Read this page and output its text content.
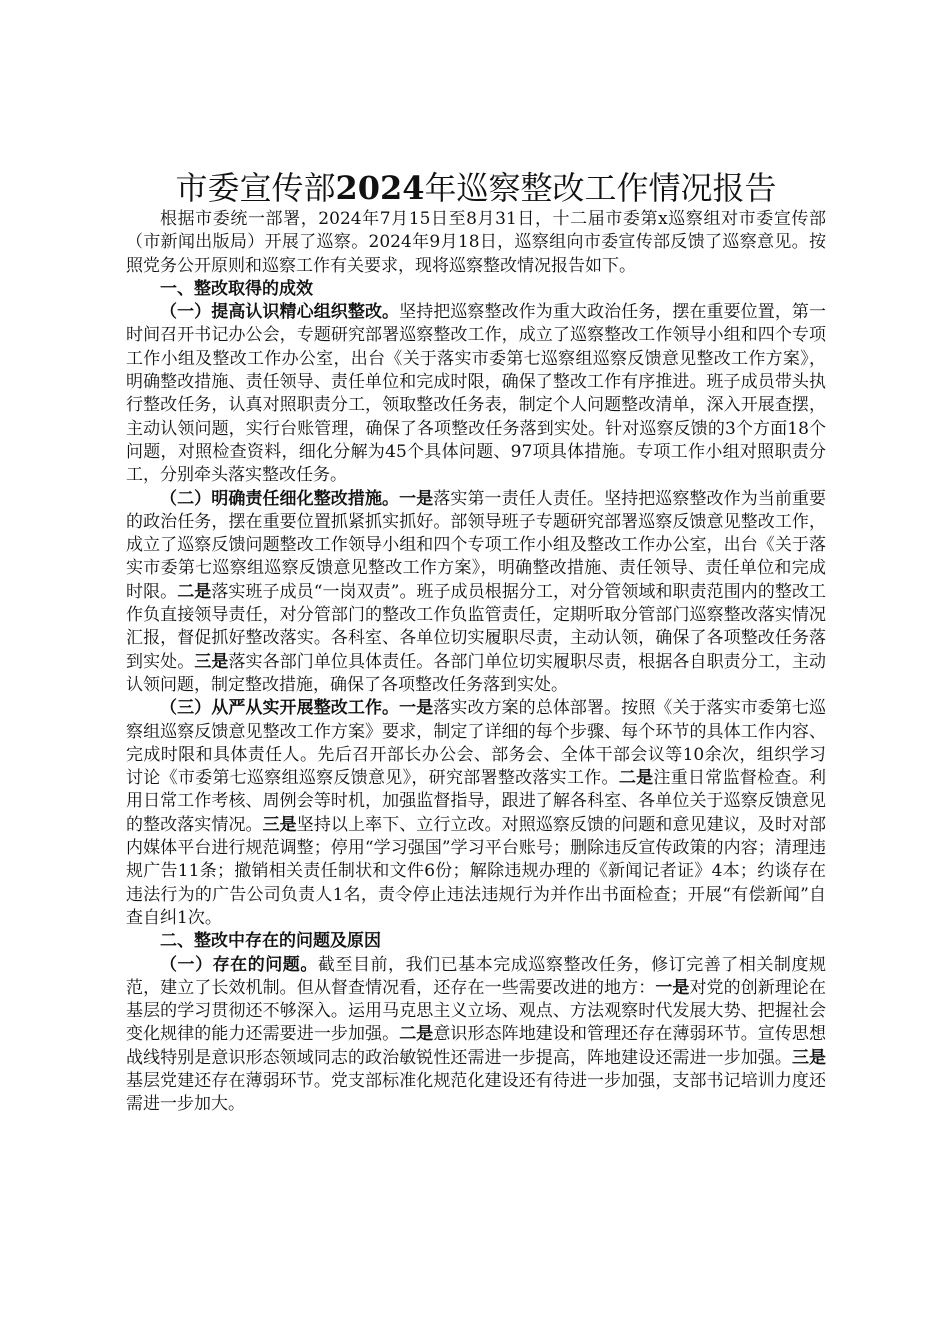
市委宣传部2024年巡察整改工作情况报告

根据市委统一部署，2024年7月15日至8月31日，十二届市委第x巡察组对市委宣传部（市新闻出版局）开展了巡察。2024年9月18日，巡察组向市委宣传部反馈了巡察意见。按照党务公开原则和巡察工作有关要求，现将巡察整改情况报告如下。

一、整改取得的成效

（一）提高认识精心组织整改。坚持把巡察整改作为重大政治任务，摆在重要位置，第一时间召开书记办公会，专题研究部署巡察整改工作，成立了巡察整改工作领导小组和四个专项工作小组及整改工作办公室，出台《关于落实市委第七巡察组巡察反馈意见整改工作方案》，明确整改措施、责任领导、责任单位和完成时限，确保了整改工作有序推进。班子成员带头执行整改任务，认真对照职责分工，领取整改任务表，制定个人问题整改清单，深入开展查摆，主动认领问题，实行台账管理，确保了各项整改任务落到实处。针对巡察反馈的3个方面18个问题，对照检查资料，细化分解为45个具体问题、97项具体措施。专项工作小组对照职责分工，分别牵头落实整改任务。

（二）明确责任细化整改措施。一是落实第一责任人责任。坚持把巡察整改作为当前重要的政治任务，摆在重要位置抓紧抓实抓好。部领导班子专题研究部署巡察反馈意见整改工作，成立了巡察反馈问题整改工作领导小组和四个专项工作小组及整改工作办公室，出台《关于落实市委第七巡察组巡察反馈意见整改工作方案》，明确整改措施、责任领导、责任单位和完成时限。二是落实班子成员“一岗双责”。班子成员根据分工，对分管领域和职责范围内的整改工作负直接领导责任，对分管部门的整改工作负监管责任，定期听取分管部门巡察整改落实情况汇报，督促抓好整改落实。各科室、各单位切实履职尽责，主动认领，确保了各项整改任务落到实处。三是落实各部门单位具体责任。各部门单位切实履职尽责，根据各自职责分工，主动认领问题，制定整改措施，确保了各项整改任务落到实处。

（三）从严从实开展整改工作。一是落实改方案的总体部署。按照《关于落实市委第七巡察组巡察反馈意见整改工作方案》要求，制定了详细的每个步骤、每个环节的具体工作内容、完成时限和具体责任人。先后召开部长办公会、部务会、全体干部会议等10余次，组织学习讨论《市委第七巡察组巡察反馈意见》，研究部署整改落实工作。二是注重日常监督检查。利用日常工作考核、周例会等时机，加强监督指导，跟进了解各科室、各单位关于巡察反馈意见的整改落实情况。三是坚持以上率下、立行立改。对照巡察反馈的问题和意见建议，及时对部内媒体平台进行规范调整；停用“学习强国”学习平台账号；删除违反宣传政策的内容；清理违规广告11条；撤销相关责任制状和文件6份；解除违规办理的《新闻记者证》4本；约谈存在违法行为的广告公司负责人1名，责令停止违法违规行为并作出书面检查；开展“有偿新闻”自查自纠1次。

二、整改中存在的问题及原因

（一）存在的问题。截至目前，我们已基本完成巡察整改任务，修订完善了相关制度规范，建立了长效机制。但从督查情况看，还存在一些需要改进的地方：一是对党的创新理论在基层的学习贯彻还不够深入。运用马克思主义立场、观点、方法观察时代发展大势、把握社会变化规律的能力还需要进一步加强。二是意识形态阵地建设和管理还存在薄弱环节。宣传思想战线特别是意识形态领域同志的政治敏锐性还需进一步提高，阵地建设还需进一步加强。三是基层党建还存在薄弱环节。党支部标准化规范化建设还有待进一步加强，支部书记培训力度还需进一步加大。
